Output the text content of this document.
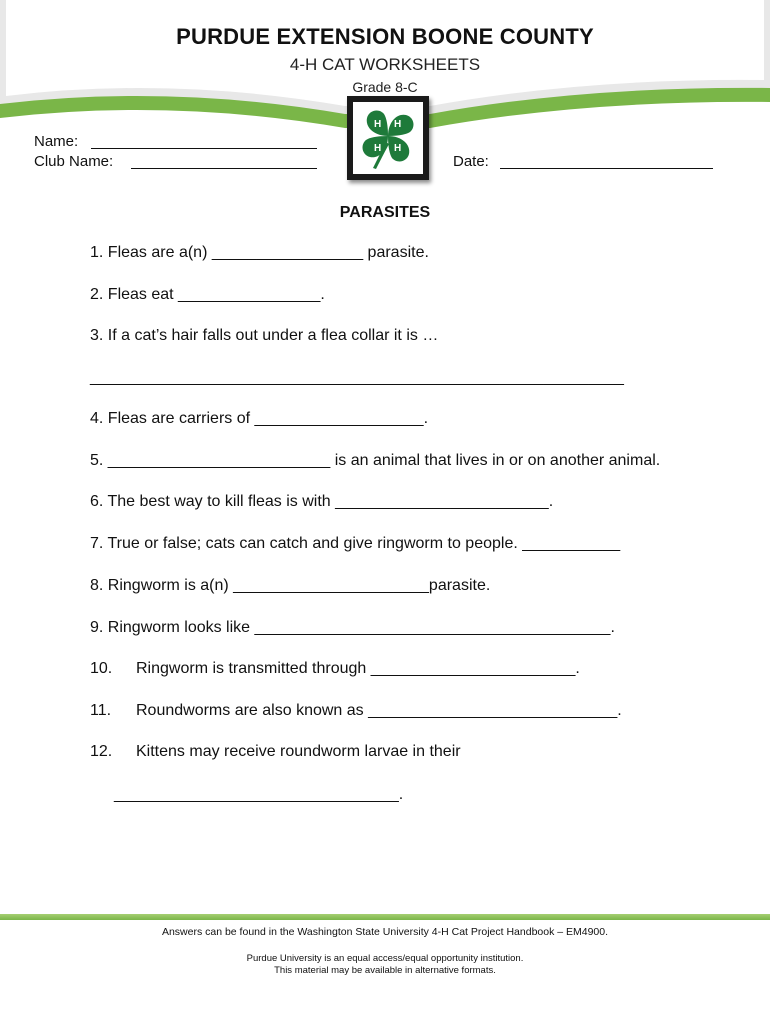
PURDUE EXTENSION BOONE COUNTY
4-H CAT WORKSHEETS
Grade 8-C
H H
H
H
Name:
Club Name:	Date:
PARASITES
1. Fleas are a(n) _________________ parasite.
2. Fleas eat ________________.
3. If a cat’s hair falls out under a flea collar it is …
____________________________________________________________
4. Fleas are carriers of ___________________.
5. _________________________ is an animal that lives in or on another animal.
6. The best way to kill fleas is with ________________________.
7. True or false; cats can catch and give ringworm to people. ___________
8. Ringworm is a(n) ______________________parasite.
9. Ringworm looks like ________________________________________.
10. Ringworm is transmitted through _______________________.
11. Roundworms are also known as ____________________________.
12. Kittens may receive roundworm larvae in their
________________________________.
Answers can be found in the Washington State University 4-H Cat Project Handbook – EM4900.
Purdue University is an equal access/equal opportunity institution.
This material may be available in alternative formats.
